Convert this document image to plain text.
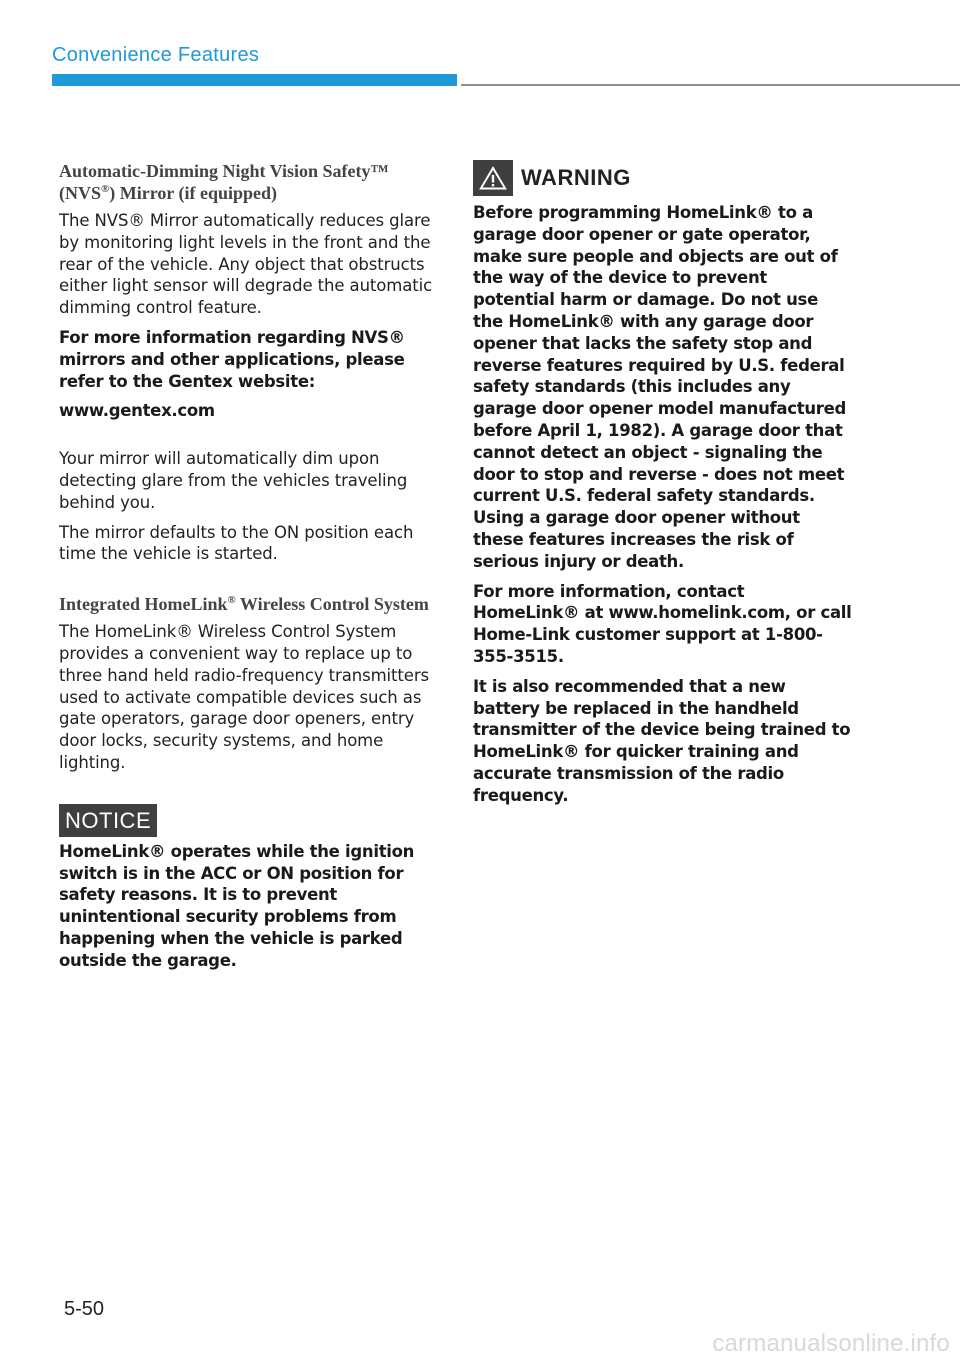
Convenience Features
Automatic-Dimming Night Vision Safety™
(NVS®) Mirror (if equipped)

The NVS® Mirror automatically reduces glare by monitoring light levels in the front and the rear of the vehicle. Any object that obstructs either light sensor will degrade the automatic dimming control feature.

For more information regarding NVS® mirrors and other applications, please refer to the Gentex website:

www.gentex.com

Your mirror will automatically dim upon detecting glare from the vehicles traveling behind you.

The mirror defaults to the ON position each time the vehicle is started.

Integrated HomeLink® Wireless Control System

The HomeLink® Wireless Control System provides a convenient way to replace up to three hand held radio-frequency transmitters used to activate compatible devices such as gate operators, garage door openers, entry door locks, security systems, and home lighting.

NOTICE

HomeLink® operates while the ignition switch is in the ACC or ON position for safety reasons. It is to prevent unintentional security problems from happening when the vehicle is parked outside the garage.

WARNING

Before programming HomeLink® to a garage door opener or gate operator, make sure people and objects are out of the way of the device to prevent potential harm or damage. Do not use the HomeLink® with any garage door opener that lacks the safety stop and reverse features required by U.S. federal safety standards (this includes any garage door opener model manufactured before April 1, 1982). A garage door that cannot detect an object - signaling the door to stop and reverse - does not meet current U.S. federal safety standards. Using a garage door opener without these features increases the risk of serious injury or death.

For more information, contact HomeLink® at www.homelink.com, or call Home-Link customer support at 1-800-355-3515.

It is also recommended that a new battery be replaced in the handheld transmitter of the device being trained to HomeLink® for quicker training and accurate transmission of the radio frequency.

5-50
carmanualsonline.info
